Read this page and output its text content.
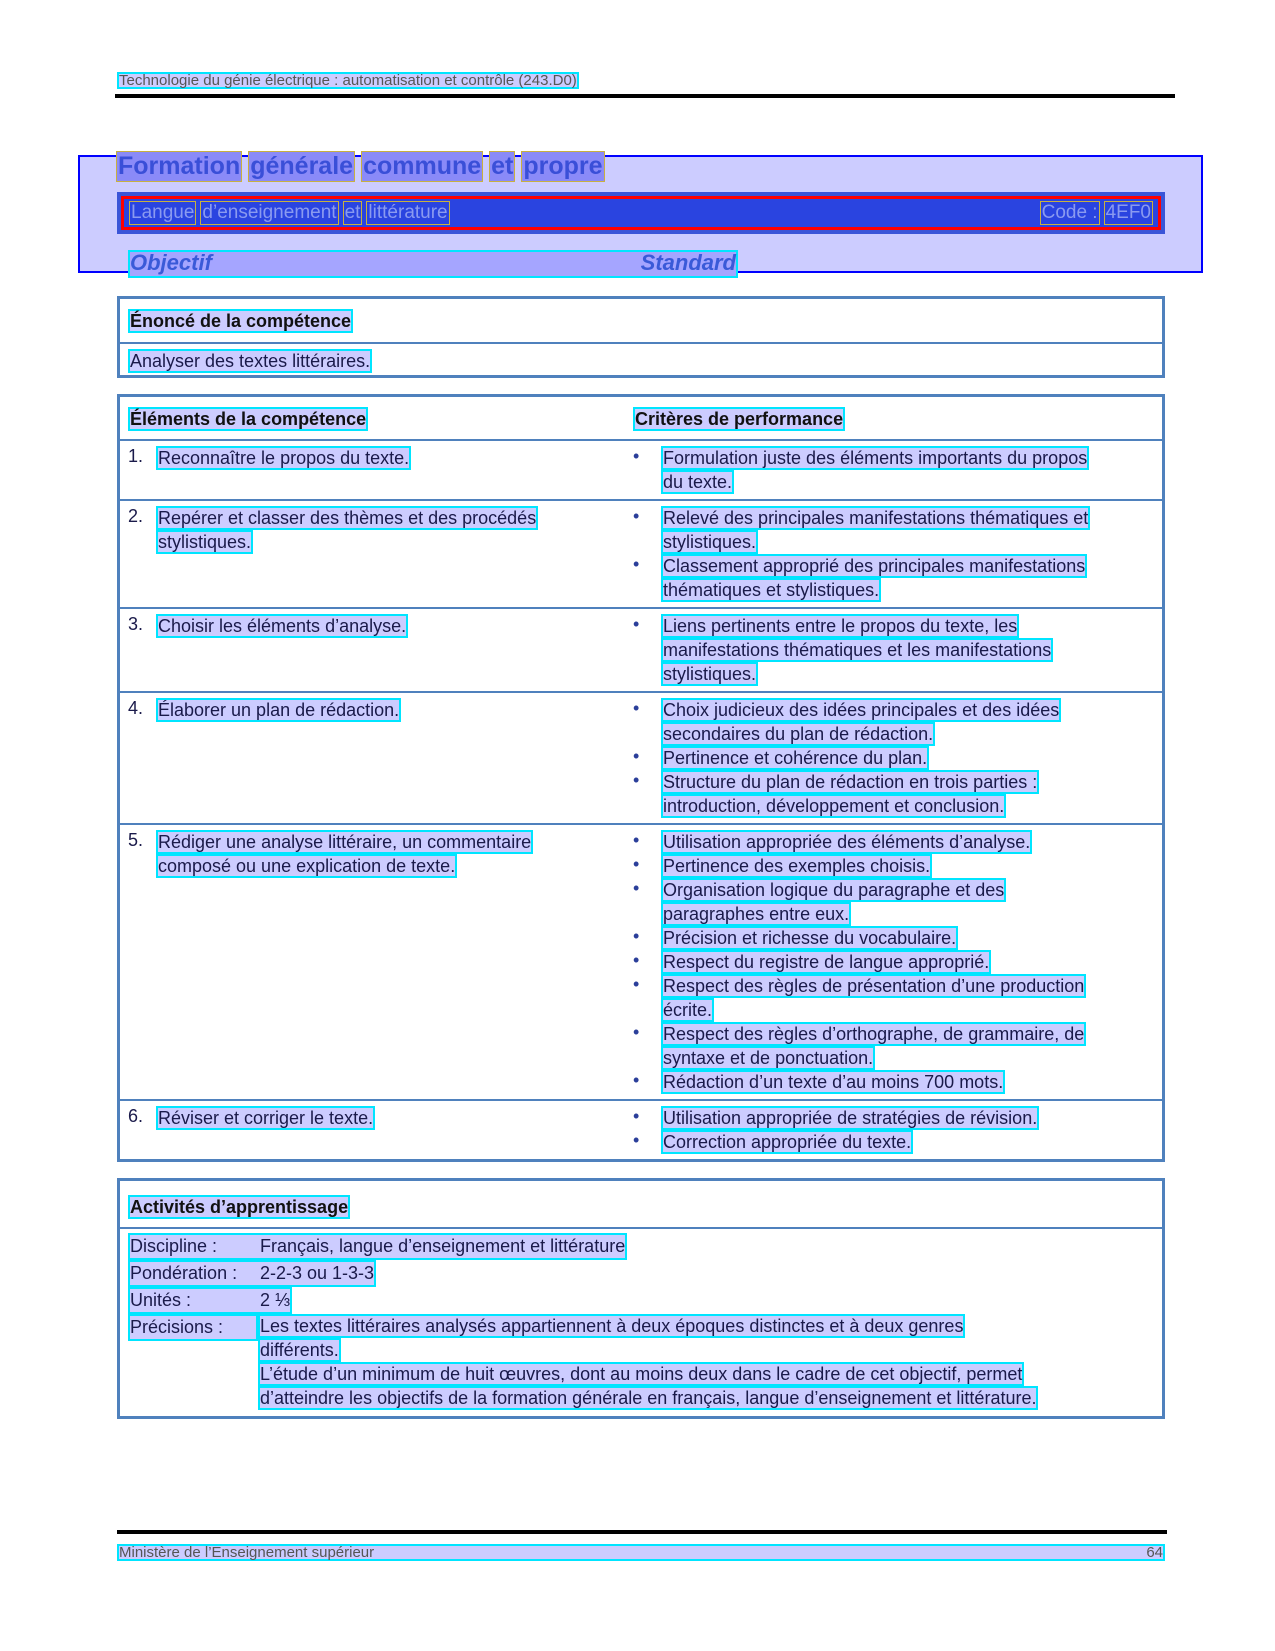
Technologie du génie électrique : automatisation et contrôle (243.D0)
Formation générale commune et propre
Langue d’enseignement et littérature	Code : 4EF0
Objectif	Standard
Énoncé de la compétence
Analyser des textes littéraires.
Éléments de la compétence	Critères de performance
1. Reconnaître le propos du texte.	•	Formulation juste des éléments importants du propos
du texte.
2. Repérer et classer des thèmes et des procédés
stylistiques.
•	Relevé des principales manifestations thématiques et
stylistiques.
•	Classement approprié des principales manifestations
thématiques et stylistiques.
3. Choisir les éléments d’analyse.	•	Liens pertinents entre le propos du texte, les
manifestations thématiques et les manifestations
stylistiques.
4. Élaborer un plan de rédaction.	•	Choix judicieux des idées principales et des idées
secondaires du plan de rédaction.
•	Pertinence et cohérence du plan.
•	Structure du plan de rédaction en trois parties :
introduction, développement et conclusion.
5. Rédiger une analyse littéraire, un commentaire
composé ou une explication de texte.
•	Utilisation appropriée des éléments d’analyse.
•	Pertinence des exemples choisis.
•	Organisation logique du paragraphe et des
paragraphes entre eux.
•	Précision et richesse du vocabulaire.
•	Respect du registre de langue approprié.
•	Respect des règles de présentation d’une production
écrite.
•	Respect des règles d’orthographe, de grammaire, de
syntaxe et de ponctuation.
•	Rédaction d’un texte d’au moins 700 mots.
6. Réviser et corriger le texte.	•	Utilisation appropriée de stratégies de révision.
•	Correction appropriée du texte.
Activités d’apprentissage
Discipline :	Français, langue d’enseignement et littérature
Pondération :	2-2-3 ou 1-3-3
Unités :	2 ⅓
Précisions :	Les textes littéraires analysés appartiennent à deux époques distinctes et à deux genres
différents.
L’étude d’un minimum de huit œuvres, dont au moins deux dans le cadre de cet objectif, permet
d’atteindre les objectifs de la formation générale en français, langue d’enseignement et littérature.
Ministère de l’Enseignement supérieur	64
